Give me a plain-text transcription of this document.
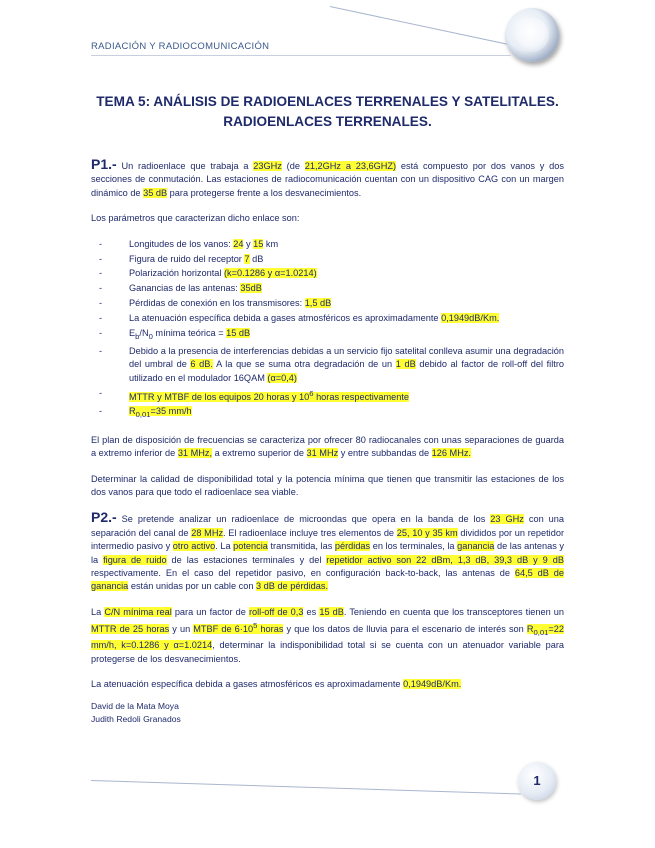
RADIACIÓN Y RADIOCOMUNICACIÓN
TEMA 5: ANÁLISIS DE RADIOENLACES TERRENALES Y SATELITALES.
RADIOENLACES TERRENALES.

P1.- Un radioenlace que trabaja a 23GHz (de 21,2GHz a 23,6GHZ) está compuesto por dos vanos y dos secciones de conmutación. Las estaciones de radiocomunicación cuentan con un dispositivo CAG con un margen dinámico de 35 dB para protegerse frente a los desvanecimientos.

Los parámetros que caracterizan dicho enlace son:

-	Longitudes de los vanos: 24 y 15 km
-	Figura de ruido del receptor 7 dB
-	Polarización horizontal (k=0.1286 y α=1.0214)
-	Ganancias de las antenas: 35dB
-	Pérdidas de conexión en los transmisores: 1,5 dB
-	La atenuación específica debida a gases atmosféricos es aproximadamente 0,1949dB/Km.
-	$E_b/N_0$ mínima teórica = 15 dB
-	Debido a la presencia de interferencias debidas a un servicio fijo satelital conlleva asumir una degradación del umbral de 6 dB. A la que se suma otra degradación de un 1 dB debido al factor de roll-off del filtro utilizado en el modulador 16QAM (α=0,4)
-	MTTR y MTBF de los equipos 20 horas y $10^6$ horas respectivamente
-	$R_{0,01}=35$ mm/h

El plan de disposición de frecuencias se caracteriza por ofrecer 80 radiocanales con unas separaciones de guarda a extremo inferior de 31 MHz, a extremo superior de 31 MHz y entre subbandas de 126 MHz.

Determinar la calidad de disponibilidad total y la potencia mínima que tienen que transmitir las estaciones de los dos vanos para que todo el radioenlace sea viable.

P2.- Se pretende analizar un radioenlace de microondas que opera en la banda de los 23 GHz con una separación del canal de 28 MHz. El radioenlace incluye tres elementos de 25, 10 y 35 km divididos por un repetidor intermedio pasivo y otro activo. La potencia transmitida, las pérdidas en los terminales, la ganancia de las antenas y la figura de ruido de las estaciones terminales y del repetidor activo son 22 dBm, 1,3 dB, 39,3 dB y 9 dB respectivamente. En el caso del repetidor pasivo, en configuración back-to-back, las antenas de 64,5 dB de ganancia están unidas por un cable con 3 dB de pérdidas.

La C/N mínima real para un factor de roll-off de 0,3 es 15 dB. Teniendo en cuenta que los transceptores tienen un MTTR de 25 horas y un MTBF de $6\cdot 10^5$ horas y que los datos de lluvia para el escenario de interés son $R_{0,01}=22$ mm/h, k=0.1286 y α=1.0214, determinar la indisponibilidad total si se cuenta con un atenuador variable para protegerse de los desvanecimientos.

La atenuación específica debida a gases atmosféricos es aproximadamente 0,1949dB/Km.

David de la Mata Moya
Judith Redoli Granados
1
